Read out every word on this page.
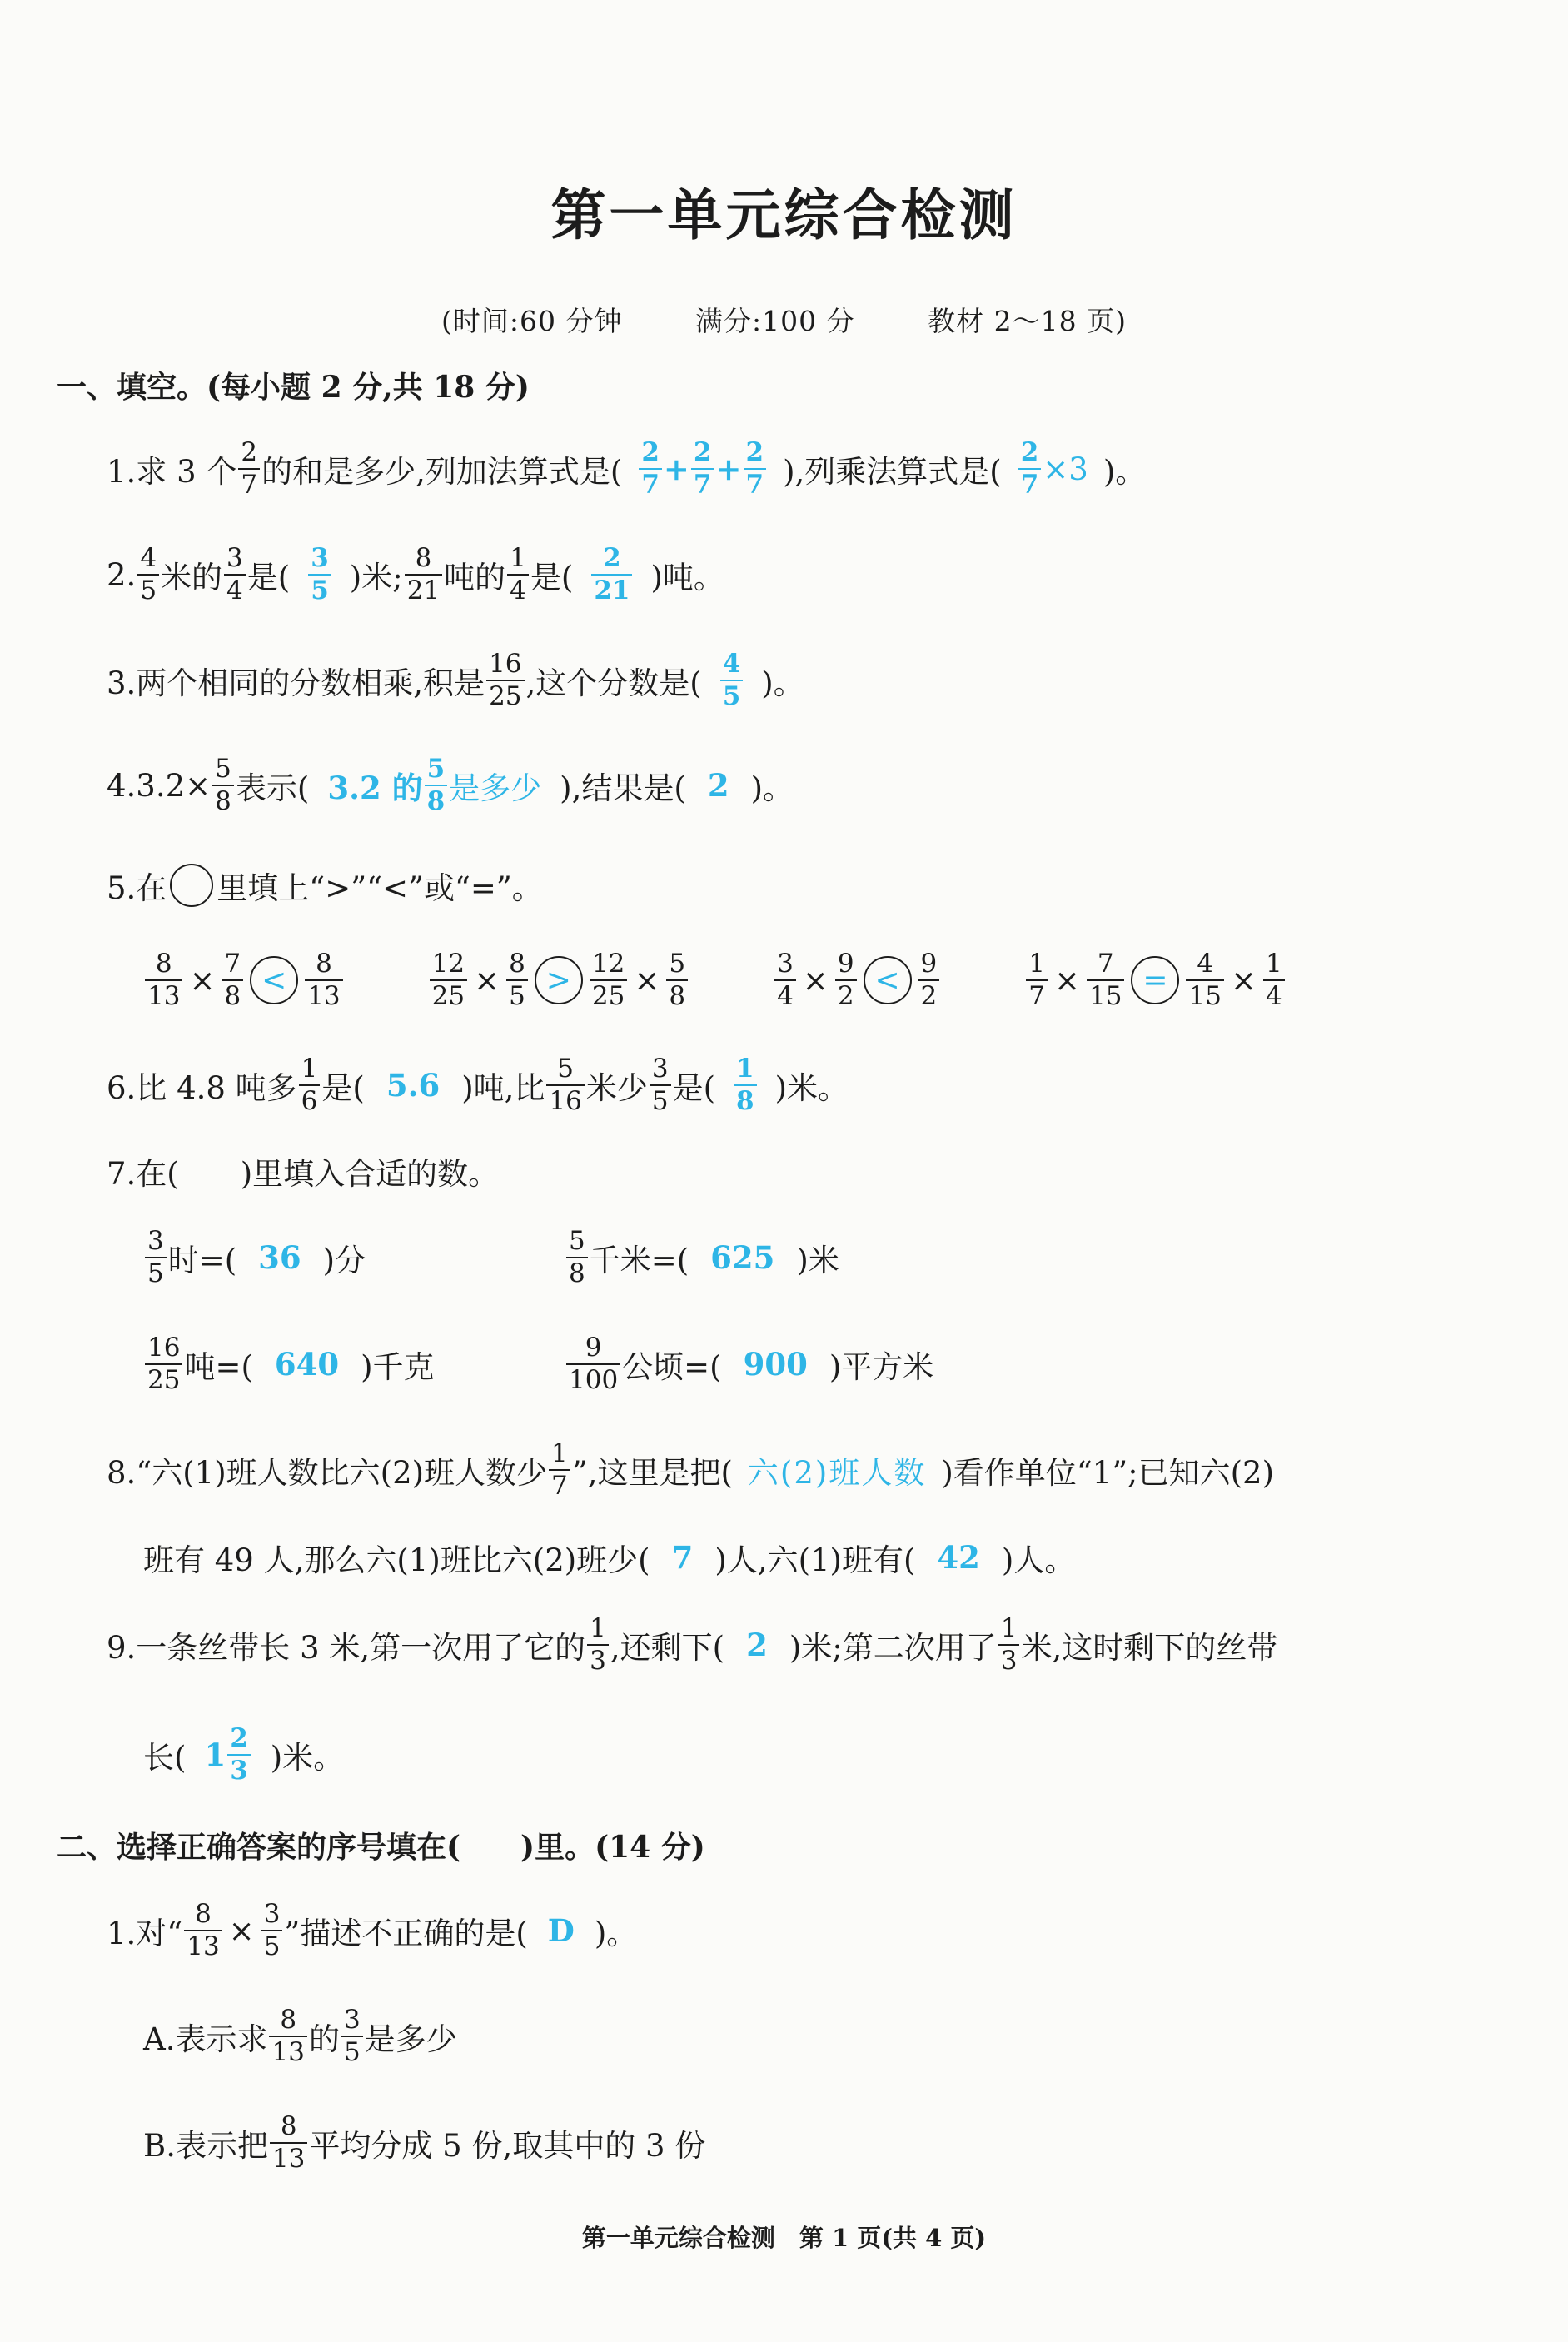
第一单元综合检测
(时间:60 分钟	满分:100 分	教材 2～18 页)
一、填空。(每小题 2 分,共 18 分)
1.求 3 个 $\frac{2}{7}$ 的和是多少,列加法算式是( $\frac{2}{7} + \frac{2}{7} + \frac{2}{7}$ ),列乘法算式是( $\frac{2}{7} \times 3$ )。
2. $\frac{4}{5}$ 米的 $\frac{3}{4}$ 是( $\frac{3}{5}$ )米; $\frac{8}{21}$ 吨的 $\frac{1}{4}$ 是( $\frac{2}{21}$ )吨。
3.两个相同的分数相乘,积是 $\frac{16}{25}$ ,这个分数是( $\frac{4}{5}$ )。
$4.3.2\times \frac{5}{8}$ 表示( 3.2 的 $\frac{5}{8}$ 是多少 ),结果是( 2 )。
5.在 里填上“>”“<”或“=”。
$\frac{8}{13} \times \frac{7}{8} < \frac{8}{13}$	$\frac{12}{25} \times \frac{8}{5} > \frac{12}{25} \times \frac{5}{8}$	$\frac{3}{4} \times \frac{9}{2} < \frac{9}{2}$	$\frac{1}{7} \times \frac{7}{15} = \frac{4}{15} \times \frac{1}{4}$
6.比 4.8 吨多 $\frac{1}{6}$ 是( 5.6 )吨,比 $\frac{5}{16}$ 米少 $\frac{3}{5}$ 是( $\frac{1}{8}$ )米。
7.在(　　)里填入合适的数。
$\frac{3}{5}$ 时=( 36 )分	$\frac{5}{8}$ 千米=( 625 )米
$\frac{16}{25}$ 吨=( 640 )千克	$\frac{9}{100}$ 公顷=( 900 )平方米
8.“六(1)班人数比六(2)班人数少 $\frac{1}{7}$ ”,这里是把( 六(2)班人数 )看作单位“1”;已知六(2)
班有 49 人,那么六(1)班比六(2)班少( 7 )人,六(1)班有( 42 )人。
9.一条丝带长 3 米,第一次用了它的 $\frac{1}{3}$ ,还剩下( 2 )米;第二次用了 $\frac{1}{3}$ 米,这时剩下的丝带
长( $1 \frac{2}{3}$ )米。
二、选择正确答案的序号填在(　　)里。(14 分)
1.对“ $\frac{8}{13} \times \frac{3}{5}$ ”描述不正确的是( D )。
A.表示求 $\frac{8}{13}$ 的 $\frac{3}{5}$ 是多少
B.表示把 $\frac{8}{13}$ 平均分成 5 份,取其中的 3 份
第一单元综合检测　第 1 页(共 4 页)
